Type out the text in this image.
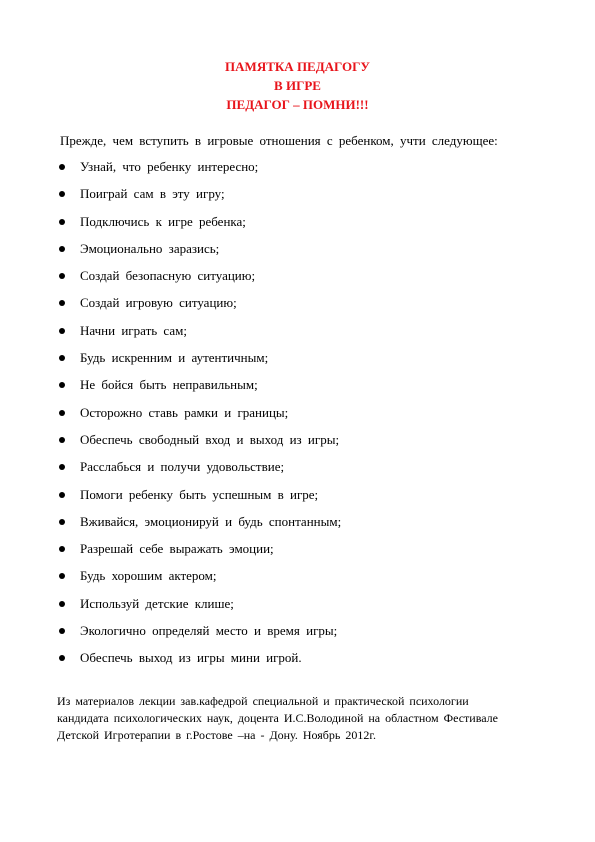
ПАМЯТКА ПЕДАГОГУ
В ИГРЕ
ПЕДАГОГ – ПОМНИ!!!
Прежде, чем вступить в игровые отношения с ребенком, учти следующее:
Узнай, что ребенку интересно;
Поиграй сам в эту игру;
Подключись к игре ребенка;
Эмоционально заразись;
Создай безопасную ситуацию;
Создай игровую ситуацию;
Начни играть сам;
Будь искренним и аутентичным;
Не бойся быть неправильным;
Осторожно ставь рамки и границы;
Обеспечь свободный вход и выход из игры;
Расслабься и получи удовольствие;
Помоги ребенку быть успешным в игре;
Вживайся, эмоционируй и будь спонтанным;
Разрешай себе выражать эмоции;
Будь хорошим актером;
Используй детские клише;
Экологично определяй место и время игры;
Обеспечь выход из игры мини игрой.
Из материалов лекции зав.кафедрой специальной и практической психологии
кандидата психологических наук, доцента И.С.Володиной на областном Фестивале
Детской Игротерапии в г.Ростове –на - Дону. Ноябрь 2012г.
